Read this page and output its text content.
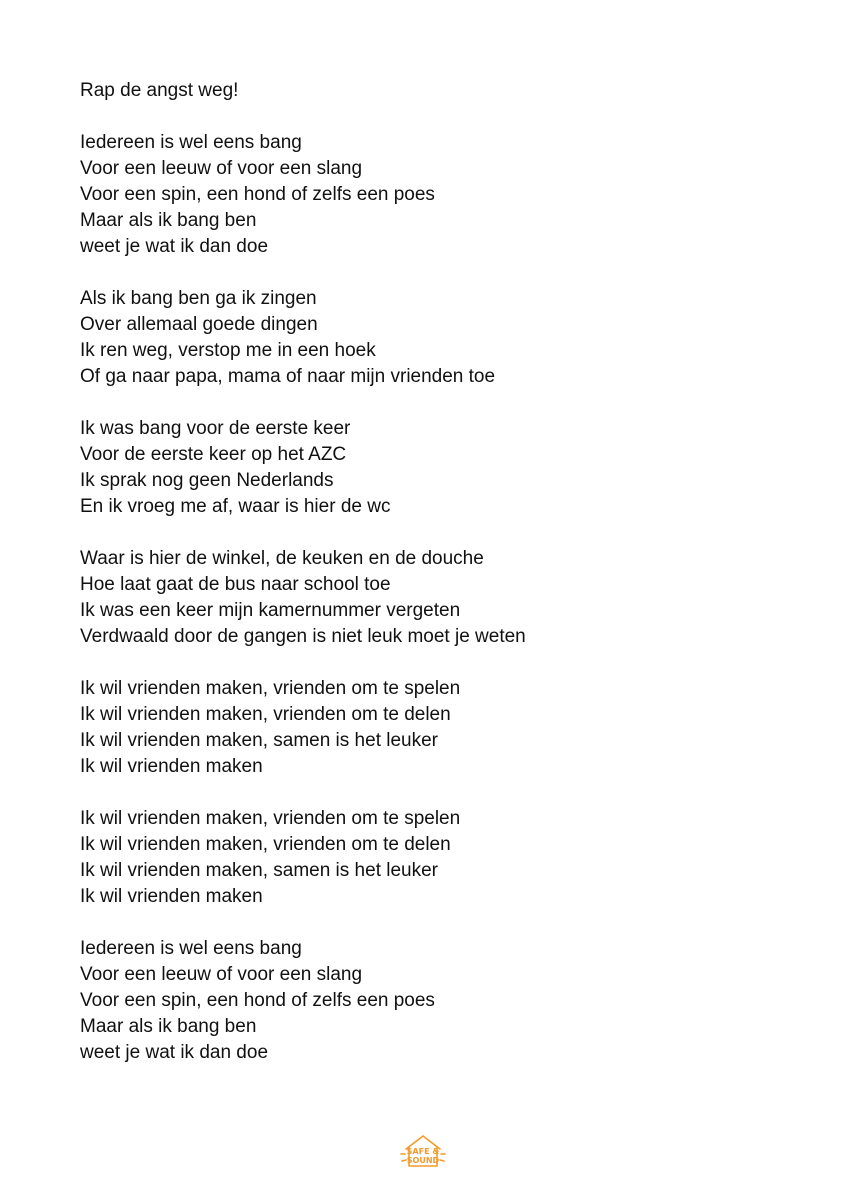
Rap de angst weg!
Iedereen is wel eens bang
Voor een leeuw of voor een slang
Voor een spin, een hond of zelfs een poes
Maar als ik bang ben
weet je wat ik dan doe
Als ik bang ben ga ik zingen
Over allemaal goede dingen
Ik ren weg, verstop me in een hoek
Of ga naar papa, mama of naar mijn vrienden toe
Ik was bang voor de eerste keer
Voor de eerste keer op het AZC
Ik sprak nog geen Nederlands
En ik vroeg me af, waar is hier de wc
Waar is hier de winkel, de keuken en de douche
Hoe laat gaat de bus naar school toe
Ik was een keer mijn kamernummer vergeten
Verdwaald door de gangen is niet leuk moet je weten
Ik wil vrienden maken, vrienden om te spelen
Ik wil vrienden maken, vrienden om te delen
Ik wil vrienden maken, samen is het leuker
Ik wil vrienden maken
Ik wil vrienden maken, vrienden om te spelen
Ik wil vrienden maken, vrienden om te delen
Ik wil vrienden maken, samen is het leuker
Ik wil vrienden maken
Iedereen is wel eens bang
Voor een leeuw of voor een slang
Voor een spin, een hond of zelfs een poes
Maar als ik bang ben
weet je wat ik dan doe
SAFE &
SOUND
